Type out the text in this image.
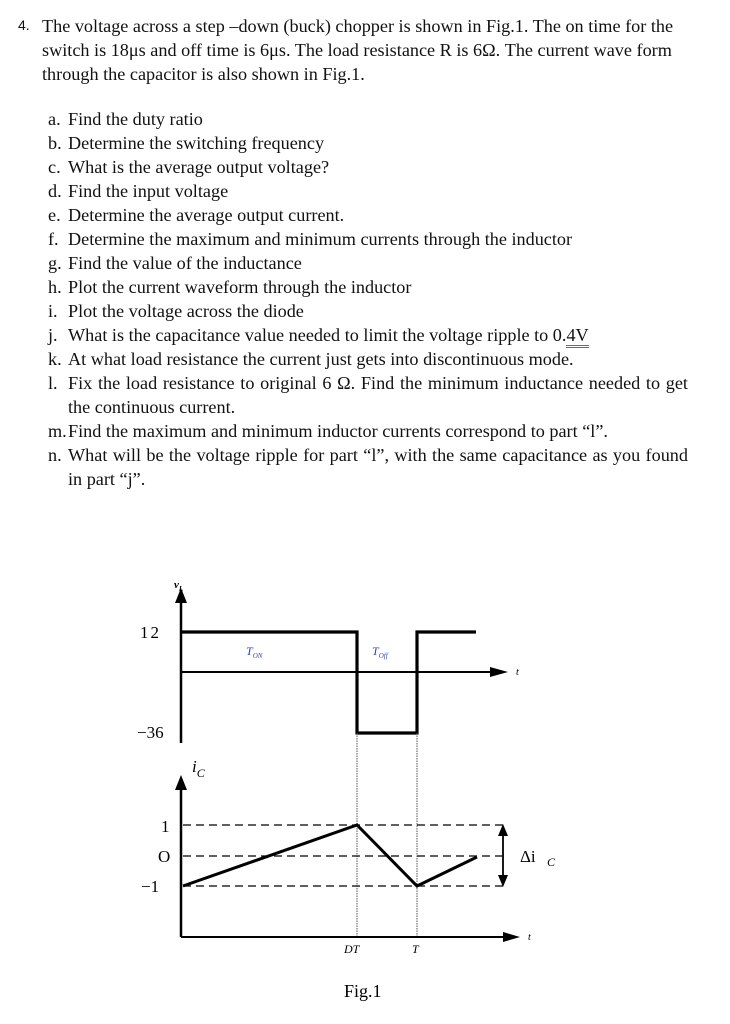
4. The voltage across a step –down (buck) chopper is shown in Fig.1. The on time for the switch is 18μs and off time is 6μs. The load resistance R is 6Ω. The current wave form through the capacitor is also shown in Fig.1.
a. Find the duty ratio
b. Determine the switching frequency
c. What is the average output voltage?
d. Find the input voltage
e. Determine the average output current.
f. Determine the maximum and minimum currents through the inductor
g. Find the value of the inductance
h. Plot the current waveform through the inductor
i. Plot the voltage across the diode
j. What is the capacitance value needed to limit the voltage ripple to 0.4V
k. At what load resistance the current just gets into discontinuous mode.
l. Fix the load resistance to original 6 Ω. Find the minimum inductance needed to get the continuous current.
m. Find the maximum and minimum inductor currents correspond to part “l”.
n. What will be the voltage ripple for part “l”, with the same capacitance as you found in part “j”.
$v_L$
12
−36
t
$T_{ON}$	$T_{Off}$
$i_C$
1
O
−1
t
DT	T
Δi C
Fig.1
